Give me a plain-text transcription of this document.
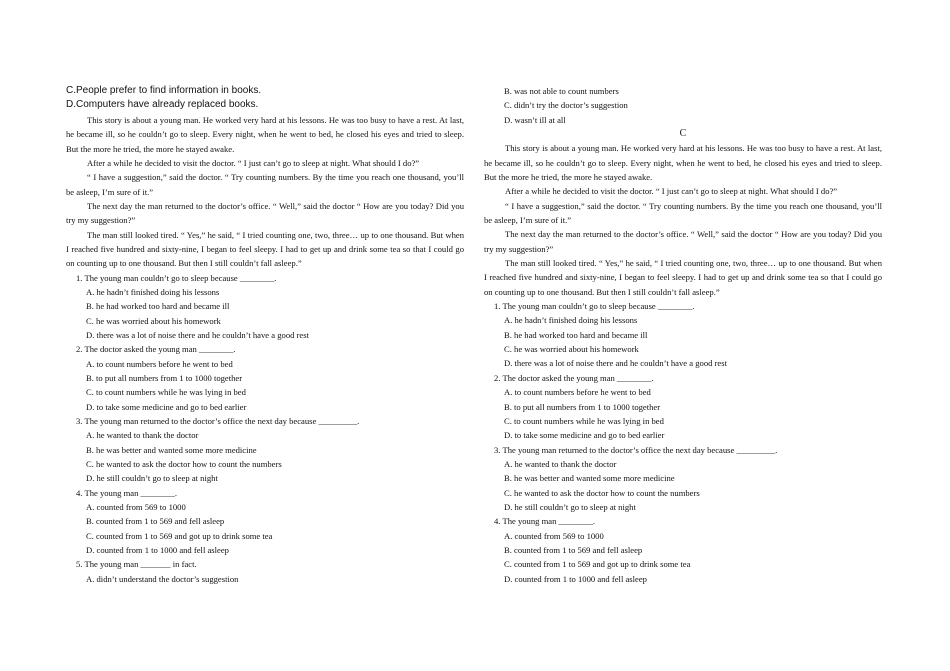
C.People prefer to find information in books.

D.Computers have already replaced books.

This story is about a young man. He worked very hard at his lessons. He was too busy to have a rest. At last, he became ill, so he couldn’t go to sleep. Every night, when he went to bed, he closed his eyes and tried to sleep. But the more he tried, the more he stayed awake.

After a while he decided to visit the doctor. “ I just can’t go to sleep at night. What should I do?”

“ I have a suggestion,” said the doctor. “ Try counting numbers. By the time you reach one thousand, you’ll be asleep, I’m sure of it.”

The next day the man returned to the doctor’s office. “ Well,” said the doctor “ How are you today? Did you try my suggestion?”

The man still looked tired. “ Yes,” he said, “ I tried counting one, two, three… up to one thousand. But when I reached five hundred and sixty-nine, I began to feel sleepy. I had to get up and drink some tea so that I could go on counting up to one thousand. But then I still couldn’t fall asleep.”

1. The young man couldn’t go to sleep because ________.

A. he hadn’t finished doing his lessons

B. he had worked too hard and became ill

C. he was worried about his homework

D. there was a lot of noise there and he couldn’t have a good rest

2. The doctor asked the young man ________.

A. to count numbers before he went to bed

B. to put all numbers from 1 to 1000 together

C. to count numbers while he was lying in bed

D. to take some medicine and go to bed earlier

3. The young man returned to the doctor’s office the next day because _________.

A. he wanted to thank the doctor

B. he was better and wanted some more medicine

C. he wanted to ask the doctor how to count the numbers

D. he still couldn’t go to sleep at night

4. The young man ________.

A. counted from 569 to 1000

B. counted from 1 to 569 and fell asleep

C. counted from 1 to 569 and got up to drink some tea

D. counted from 1 to 1000 and fell asleep

5. The young man _______ in fact.

A. didn’t understand the doctor’s suggestion

B. was not able to count numbers

C. didn’t try the doctor’s suggestion

D. wasn’t ill at all

C

This story is about a young man. He worked very hard at his lessons. He was too busy to have a rest. At last, he became ill, so he couldn’t go to sleep. Every night, when he went to bed, he closed his eyes and tried to sleep. But the more he tried, the more he stayed awake.

After a while he decided to visit the doctor. “ I just can’t go to sleep at night. What should I do?”

“ I have a suggestion,” said the doctor. “ Try counting numbers. By the time you reach one thousand, you’ll be asleep, I’m sure of it.”

The next day the man returned to the doctor’s office. “ Well,” said the doctor “ How are you today? Did you try my suggestion?”

The man still looked tired. “ Yes,” he said, “ I tried counting one, two, three… up to one thousand. But when I reached five hundred and sixty-nine, I began to feel sleepy. I had to get up and drink some tea so that I could go on counting up to one thousand. But then I still couldn’t fall asleep.”

1. The young man couldn’t go to sleep because ________.

A. he hadn’t finished doing his lessons

B. he had worked too hard and became ill

C. he was worried about his homework

D. there was a lot of noise there and he couldn’t have a good rest

2. The doctor asked the young man ________.

A. to count numbers before he went to bed

B. to put all numbers from 1 to 1000 together

C. to count numbers while he was lying in bed

D. to take some medicine and go to bed earlier

3. The young man returned to the doctor’s office the next day because _________.

A. he wanted to thank the doctor

B. he was better and wanted some more medicine

C. he wanted to ask the doctor how to count the numbers

D. he still couldn’t go to sleep at night

4. The young man ________.

A. counted from 569 to 1000

B. counted from 1 to 569 and fell asleep

C. counted from 1 to 569 and got up to drink some tea

D. counted from 1 to 1000 and fell asleep
